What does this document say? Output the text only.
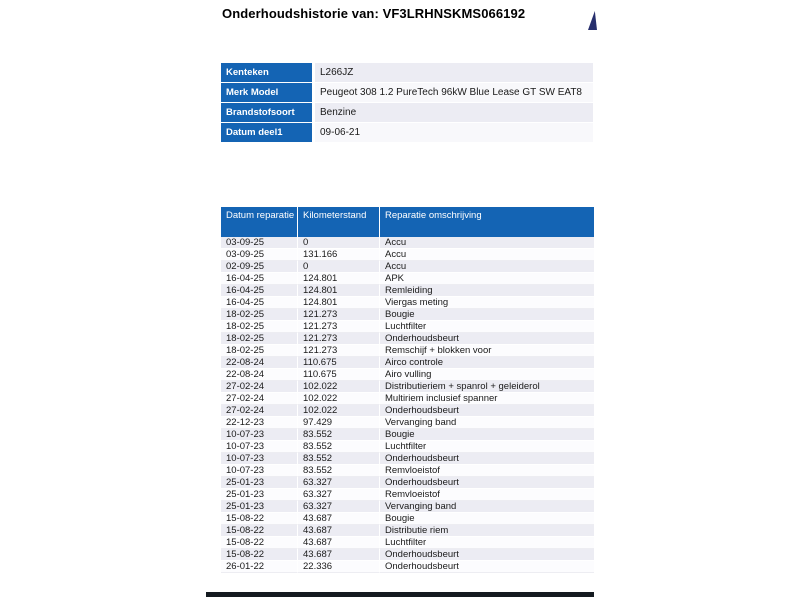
Onderhoudshistorie van: VF3LRHNSKMS066192
Kenteken	L266JZ
Merk Model	Peugeot 308 1.2 PureTech 96kW Blue Lease GT SW EAT8
Brandstofsoort	Benzine
Datum deel1	09-06-21
Datum reparatie	Kilometerstand	Reparatie omschrijving
03-09-25	0	Accu
03-09-25	131.166	Accu
02-09-25	0	Accu
16-04-25	124.801	APK
16-04-25	124.801	Remleiding
16-04-25	124.801	Viergas meting
18-02-25	121.273	Bougie
18-02-25	121.273	Luchtfilter
18-02-25	121.273	Onderhoudsbeurt
18-02-25	121.273	Remschijf + blokken voor
22-08-24	110.675	Airco controle
22-08-24	110.675	Airo vulling
27-02-24	102.022	Distributieriem + spanrol + geleiderol
27-02-24	102.022	Multiriem inclusief spanner
27-02-24	102.022	Onderhoudsbeurt
22-12-23	97.429	Vervanging band
10-07-23	83.552	Bougie
10-07-23	83.552	Luchtfilter
10-07-23	83.552	Onderhoudsbeurt
10-07-23	83.552	Remvloeistof
25-01-23	63.327	Onderhoudsbeurt
25-01-23	63.327	Remvloeistof
25-01-23	63.327	Vervanging band
15-08-22	43.687	Bougie
15-08-22	43.687	Distributie riem
15-08-22	43.687	Luchtfilter
15-08-22	43.687	Onderhoudsbeurt
26-01-22	22.336	Onderhoudsbeurt
